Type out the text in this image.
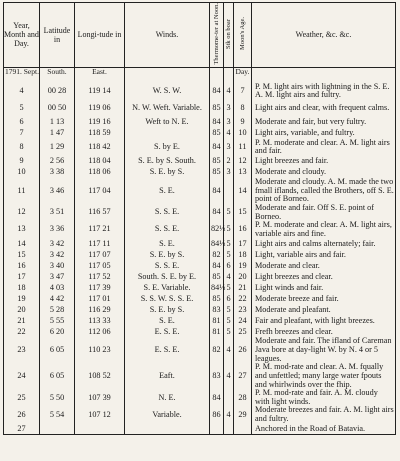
Year, Month and Day.	Latitude in	Longi-tude in	Winds.	Thermome-ter at Noon.	Stk on boar	Moon's Age.	Weather, &c. &c.
1791. Sept.	South.	East.				Day.	
4	00 28	119 14	W. S. W.	84	4	7	P. M. light airs with lightning in the S. E. A. M. light airs and fultry.
5	00 50	119 06	N. W. Weft. Variable.	85	3	8	Light airs and clear, with frequent calms.
6	1 13	119 16	Weft to N. E.	84	3	9	Moderate and fair, but very fultry.
7	1 47	118 59		85	4	10	Light airs, variable, and fultry.
8	1 29	118 42	S. by E.	84	3	11	P. M. moderate and clear. A. M. light airs and fair.
9	2 56	118 04	S. E. by S. South.	85	2	12	Light breezes and fair.
10	3 38	118 06	S. E. by S.	85	3	13	Moderate and cloudy.
11	3 46	117 04	S. E.	84		14	Moderate and cloudy. A. M. made the two fmall iflands, called the Brothers, off S. E. point of Borneo.
12	3 51	116 57	S. S. E.	84	5	15	Moderate and fair. Off S. E. point of Borneo.
13	3 36	117 21	S. S. E.	82½	5	16	P. M. moderate and clear. A. M. light airs, variable airs and fine.
14	3 42	117 11	S. E.	84½	5	17	Light airs and calms alternately; fair.
15	3 42	117 07	S. E. by S.	82	5	18	Light, variable airs and fair.
16	3 40	117 05	S. S. E.	84	6	19	Moderate and clear.
17	3 47	117 52	South. S. E. by E.	85	4	20	Light breezes and clear.
18	4 03	117 39	S. E. Variable.	84½	5	21	Light winds and fair.
19	4 42	117 01	S. S. W. S. S. E.	85	6	22	Moderate breeze and fair.
20	5 28	116 29	S. E. by S.	83	5	23	Moderate and pleafant.
21	5 55	113 33	S. E.	81	5	24	Fair and pleafant, with light breezes.
22	6 20	112 06	E. S. E.	81	5	25	Frefh breezes and clear.
23	6 05	110 23	E. S. E.	82	4	26	Moderate and fair. The ifland of Careman Java bore at day-light W. by N. 4 or 5 leagues.
24	6 05	108 52	Eaft.	83	4	27	P. M. mod-rate and clear. A. M. fqually and unfettled; many large water fpouts and whirlwinds over the fhip.
25	5 50	107 39	N. E.	84		28	P. M. mod-rate and fair. A. M. cloudy with light winds.
26	5 54	107 12	Variable.	86	4	29	Moderate breezes and fair. A. M. light airs and fultry.
27							Anchored in the Road of Batavia.
